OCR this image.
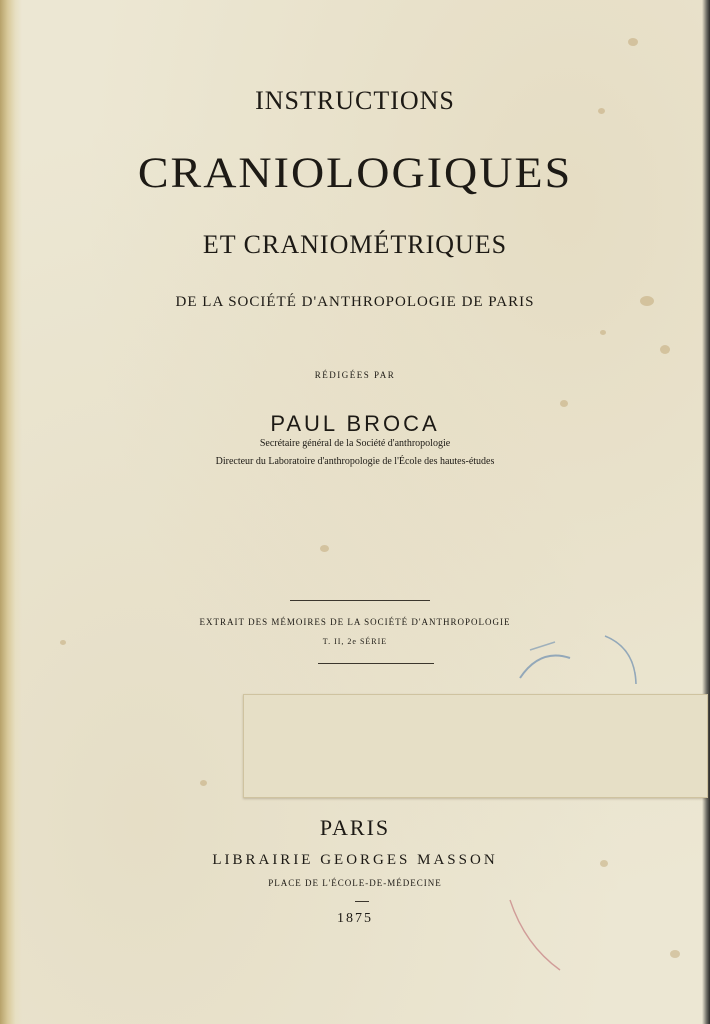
INSTRUCTIONS
CRANIOLOGIQUES
ET CRANIOMÉTRIQUES
DE LA SOCIÉTÉ D'ANTHROPOLOGIE DE PARIS
RÉDIGÉES PAR
PAUL BROCA
Secrétaire général de la Société d'anthropologie
Directeur du Laboratoire d'anthropologie de l'École des hautes-études
EXTRAIT DES MÉMOIRES DE LA SOCIÉTÉ D'ANTHROPOLOGIE
T. II, 2e SÉRIE
PARIS
LIBRAIRIE GEORGES MASSON
PLACE DE L'ÉCOLE-DE-MÉDECINE
1875
